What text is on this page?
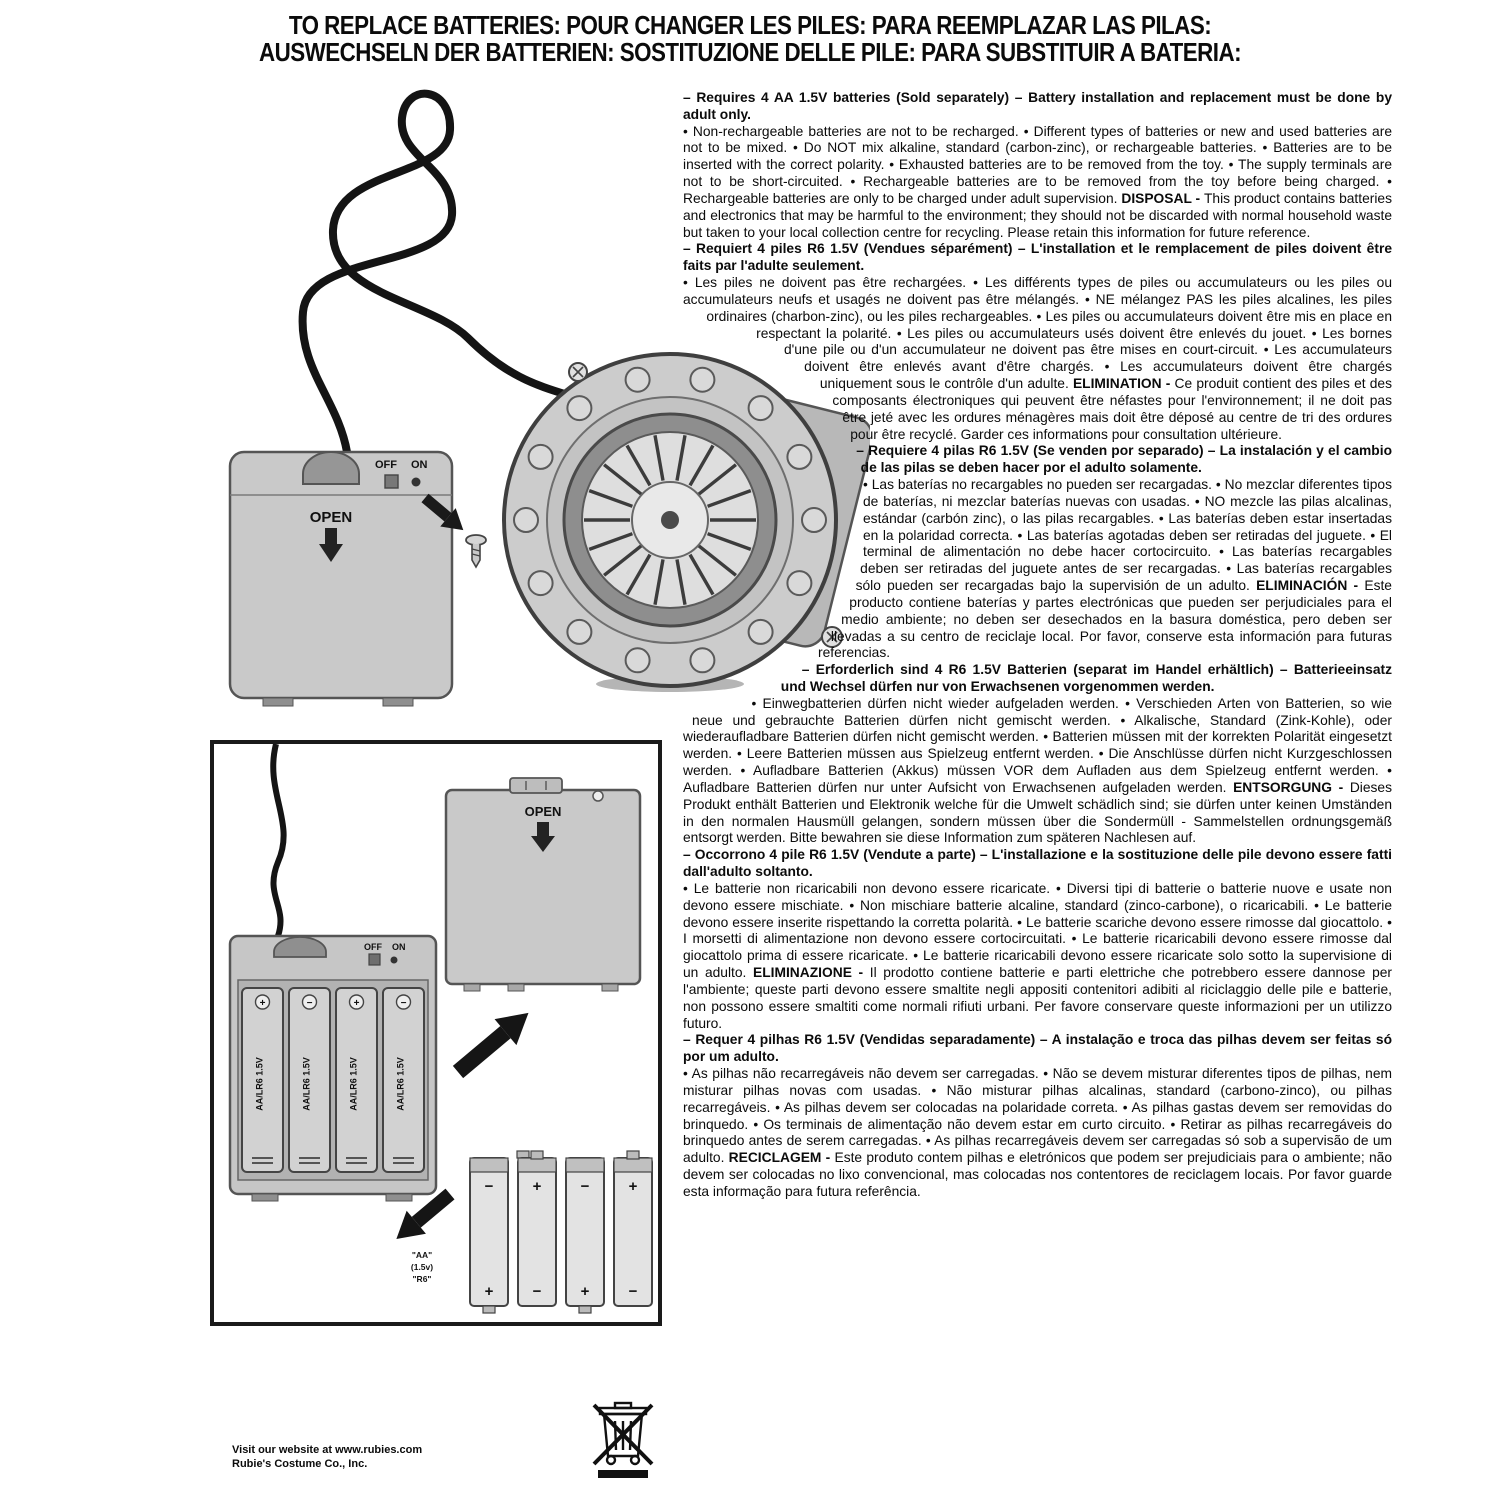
TO REPLACE BATTERIES: POUR CHANGER LES PILES: PARA REEMPLAZAR LAS PILAS:
AUSWECHSELN DER BATTERIEN: SOSTITUZIONE DELLE PILE: PARA SUBSTITUIR A BATERIA:
OFF ON
OPEN
OFF ON
+
AA/LR6 1.5V
−
AA/LR6 1.5V
+
AA/LR6 1.5V
−
AA/LR6 1.5V
OPEN
−
+
+
−
−
+
+
−
"AA"
(1.5v)
"R6"

– Requires 4 AA 1.5V batteries (Sold separately) – Battery installation and replacement must be done by adult only.

• Non-rechargeable batteries are not to be recharged. • Different types of batteries or new and used batteries are not to be mixed. • Do NOT mix alkaline, standard (carbon-zinc), or rechargeable batteries. • Batteries are to be inserted with the correct polarity. • Exhausted batteries are to be removed from the toy. • The supply terminals are not to be short-circuited. • Rechargeable batteries are to be removed from the toy before being charged. • Rechargeable batteries are only to be charged under adult supervision. DISPOSAL - This product contains batteries and electronics that may be harmful to the environment; they should not be discarded with normal household waste but taken to your local collection centre for recycling. Please retain this information for future reference.

– Requiert 4 piles R6 1.5V (Vendues séparément) – L'installation et le remplacement de piles doivent être faits par l'adulte seulement.

• Les piles ne doivent pas être rechargées. • Les différents types de piles ou accumulateurs ou les piles ou accumulateurs neufs et usagés ne doivent pas être mélangés. • NE mélangez PAS les piles alcalines, les piles ordinaires (charbon-zinc), ou les piles rechargeables. • Les piles ou accumulateurs doivent être mis en place en respectant la polarité. • Les piles ou accumulateurs usés doivent être enlevés du jouet. • Les bornes d'une pile ou d'un accumulateur ne doivent pas être mises en court-circuit. • Les accumulateurs doivent être enlevés avant d'être chargés. • Les accumulateurs doivent être chargés uniquement sous le contrôle d'un adulte. ELIMINATION - Ce produit contient des piles et des composants électroniques qui peuvent être néfastes pour l'environnement; il ne doit pas être jeté avec les ordures ménagères mais doit être déposé au centre de tri des ordures pour être recyclé. Garder ces informations pour consultation ultérieure.

– Requiere 4 pilas R6 1.5V (Se venden por separado) – La instalación y el cambio de las pilas se deben hacer por el adulto solamente.

• Las baterías no recargables no pueden ser recargadas. • No mezclar diferentes tipos de baterías, ni mezclar baterías nuevas con usadas. • NO mezcle las pilas alcalinas, estándar (carbón zinc), o las pilas recargables. • Las baterías deben estar insertadas en la polaridad correcta. • Las baterías agotadas deben ser retiradas del juguete. • El terminal de alimentación no debe hacer cortocircuito. • Las baterías recargables deben ser retiradas del juguete antes de ser recargadas. • Las baterías recargables sólo pueden ser recargadas bajo la supervisión de un adulto. ELIMINACIÓN - Este producto contiene baterías y partes electrónicas que pueden ser perjudiciales para el medio ambiente; no deben ser desechados en la basura doméstica, pero deben ser llevadas a su centro de reciclaje local. Por favor, conserve esta información para futuras referencias.

– Erforderlich sind 4 R6 1.5V Batterien (separat im Handel erhältlich) – Batterieeinsatz und Wechsel dürfen nur von Erwachsenen vorgenommen werden.

• Einwegbatterien dürfen nicht wieder aufgeladen werden. • Verschieden Arten von Batterien, so wie neue und gebrauchte Batterien dürfen nicht gemischt werden. • Alkalische, Standard (Zink-Kohle), oder wiederaufladbare Batterien dürfen nicht gemischt werden. • Batterien müssen mit der korrekten Polarität eingesetzt werden. • Leere Batterien müssen aus Spielzeug entfernt werden. • Die Anschlüsse dürfen nicht Kurzgeschlossen werden. • Aufladbare Batterien (Akkus) müssen VOR dem Aufladen aus dem Spielzeug entfernt werden. • Aufladbare Batterien dürfen nur unter Aufsicht von Erwachsenen aufgeladen werden. ENTSORGUNG - Dieses Produkt enthält Batterien und Elektronik welche für die Umwelt schädlich sind; sie dürfen unter keinen Umständen in den normalen Hausmüll gelangen, sondern müssen über die Sondermüll - Sammelstellen ordnungsgemäß entsorgt werden. Bitte bewahren sie diese Information zum späteren Nachlesen auf.

– Occorrono 4 pile R6 1.5V (Vendute a parte) – L'installazione e la sostituzione delle pile devono essere fatti dall'adulto soltanto.

• Le batterie non ricaricabili non devono essere ricaricate. • Diversi tipi di batterie o batterie nuove e usate non devono essere mischiate. • Non mischiare batterie alcaline, standard (zinco-carbone), o ricaricabili. • Le batterie devono essere inserite rispettando la corretta polarità. • Le batterie scariche devono essere rimosse dal giocattolo. • I morsetti di alimentazione non devono essere cortocircuitati. • Le batterie ricaricabili devono essere rimosse dal giocattolo prima di essere ricaricate. • Le batterie ricaricabili devono essere ricaricate solo sotto la supervisione di un adulto. ELIMINAZIONE - Il prodotto contiene batterie e parti elettriche che potrebbero essere dannose per l'ambiente; queste parti devono essere smaltite negli appositi contenitori adibiti al riciclaggio delle pile e batterie, non possono essere smaltiti come normali rifiuti urbani. Per favore conservare queste informazioni per un utilizzo futuro.

– Requer 4 pilhas R6 1.5V (Vendidas separadamente) – A instalação e troca das pilhas devem ser feitas só por um adulto.

• As pilhas não recarregáveis não devem ser carregadas. • Não se devem misturar diferentes tipos de pilhas, nem misturar pilhas novas com usadas. • Não misturar pilhas alcalinas, standard (carbono-zinco), ou pilhas recarregáveis. • As pilhas devem ser colocadas na polaridade correta. • As pilhas gastas devem ser removidas do brinquedo. • Os terminais de alimentação não devem estar em curto circuito. • Retirar as pilhas recarregáveis do brinquedo antes de serem carregadas. • As pilhas recarregáveis devem ser carregadas só sob a supervisão de um adulto. RECICLAGEM - Este produto contem pilhas e eletrónicos que podem ser prejudiciais para o ambiente; não devem ser colocadas no lixo convencional, mas colocadas nos contentores de reciclagem locais. Por favor guarde esta informação para futura referência.

Visit our website at www.rubies.com
Rubie's Costume Co., Inc.
